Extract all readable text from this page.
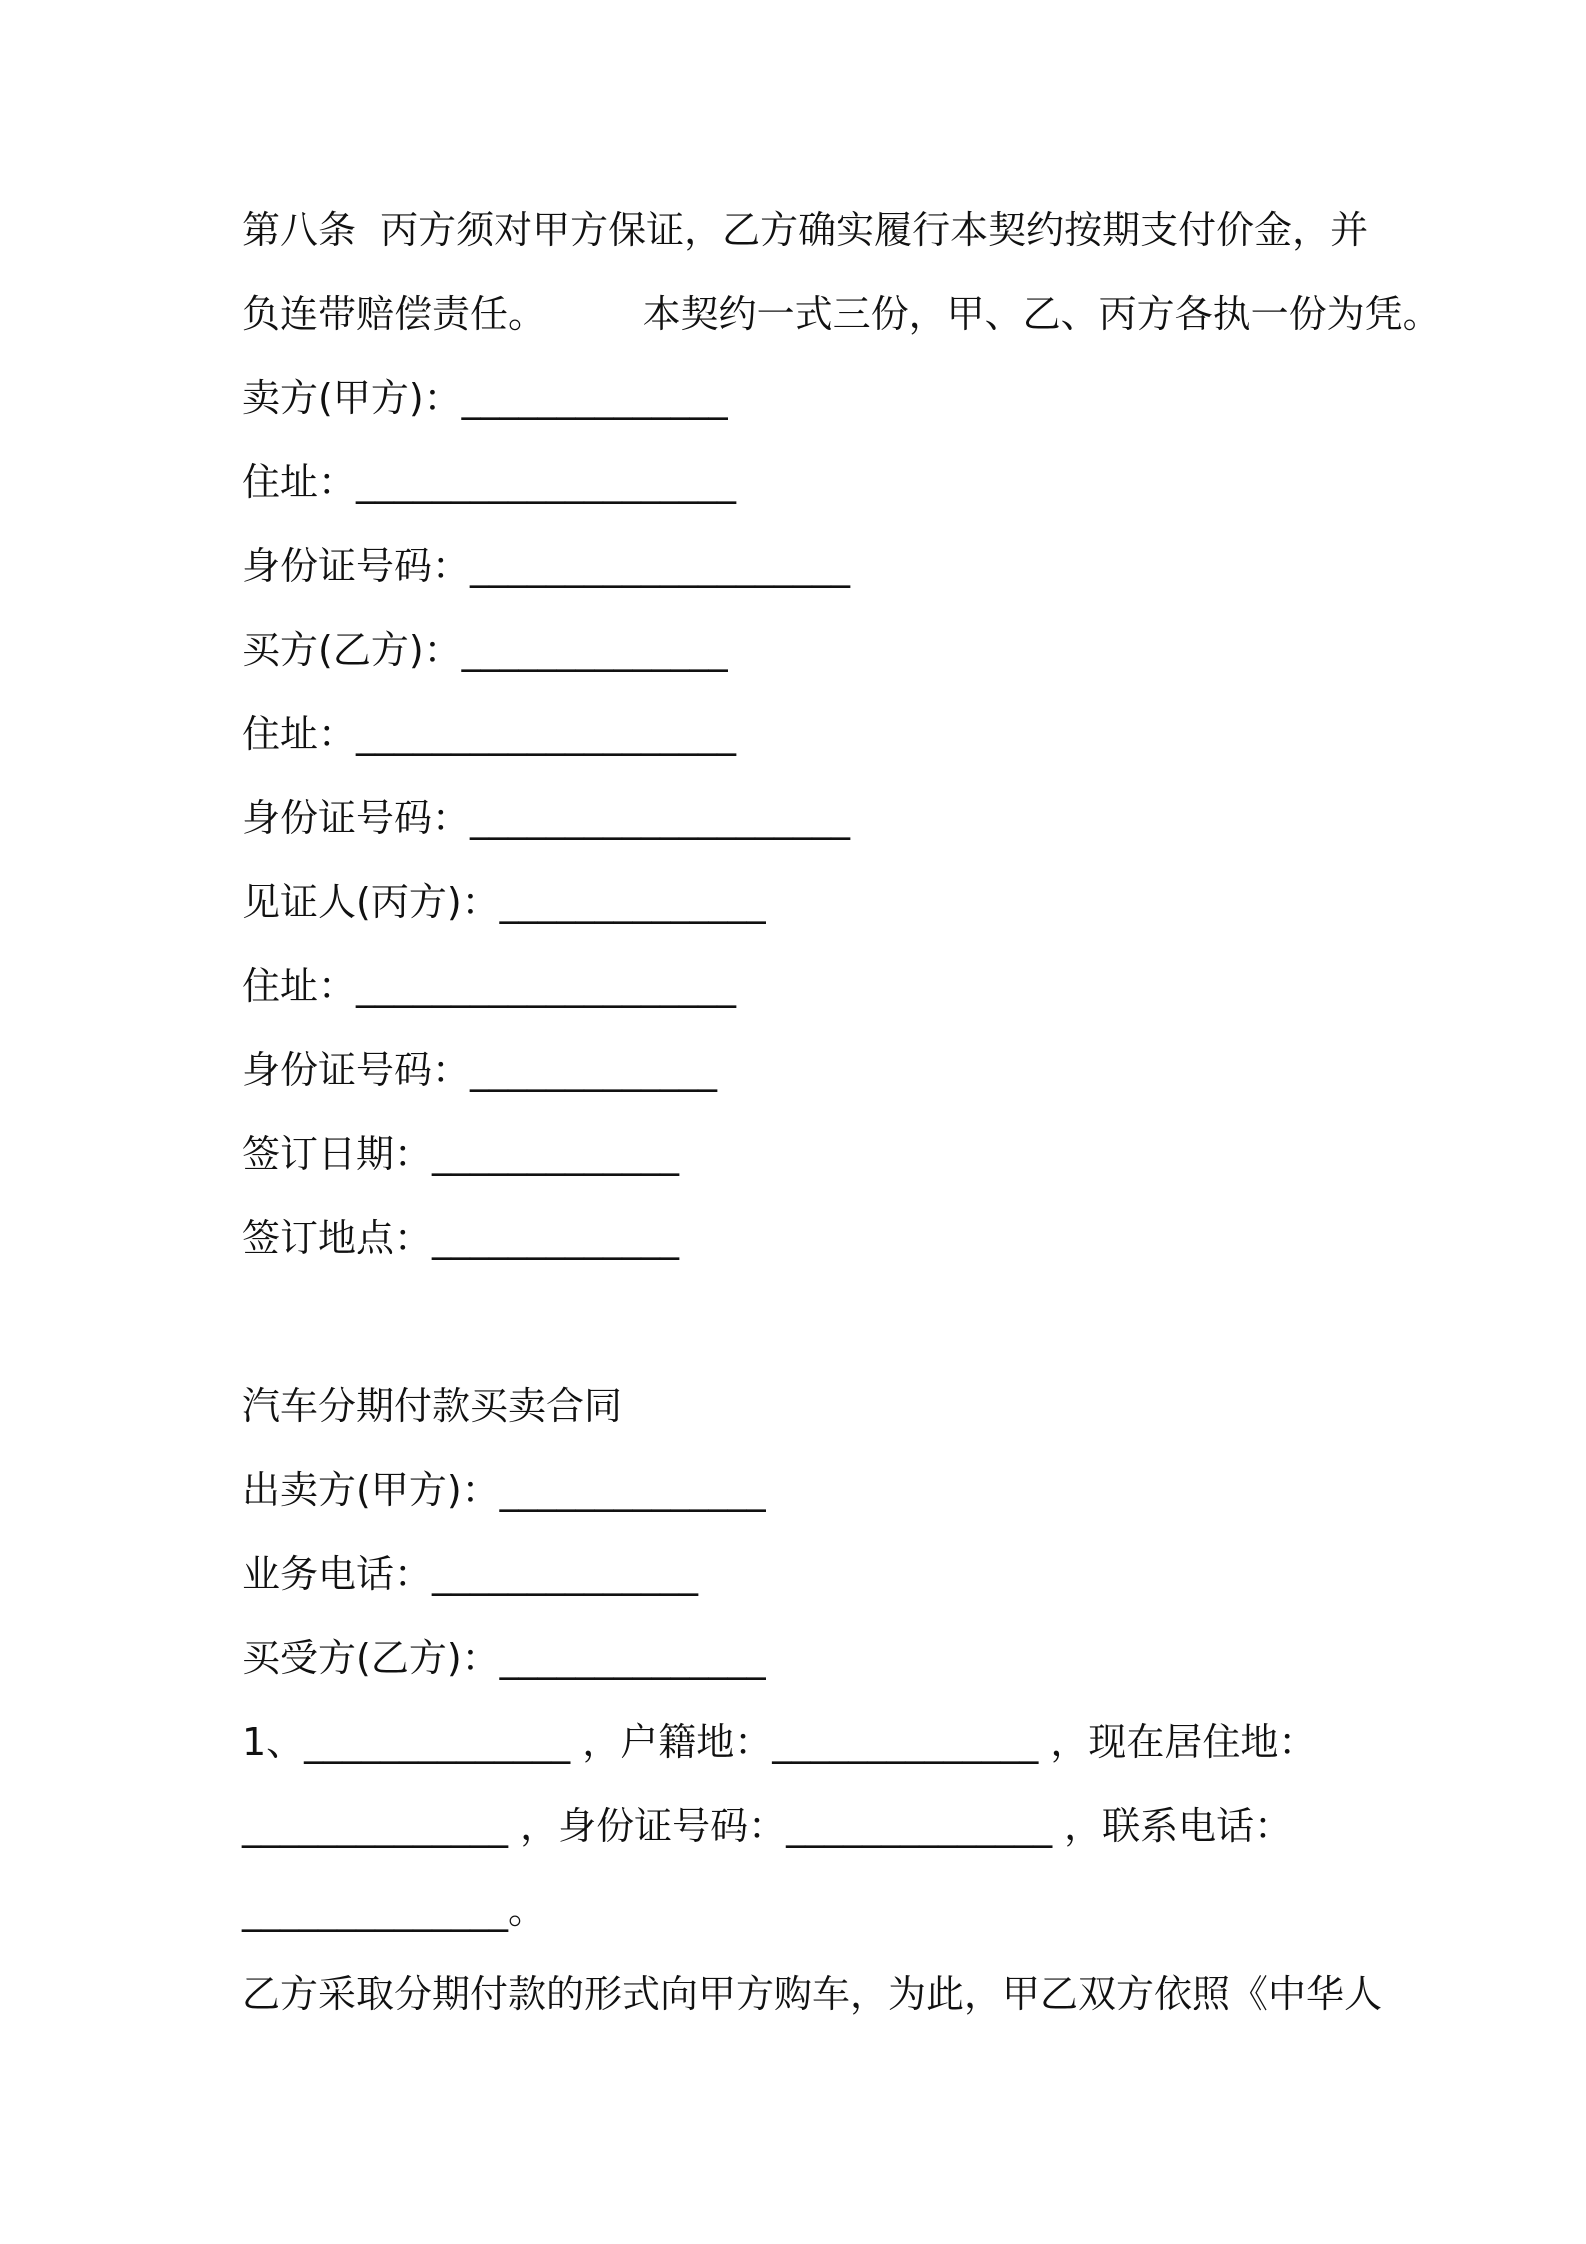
第八条  丙方须对甲方保证，乙方确实履行本契约按期支付价金，并
负连带赔偿责任。        本契约一式三份，甲、乙、丙方各执一份为凭。
卖方(甲方)：______________
住址：____________________
身份证号码：____________________
买方(乙方)：______________
住址：____________________
身份证号码：____________________
见证人(丙方)：______________
住址：____________________
身份证号码：_____________
签订日期：_____________
签订地点：_____________
汽车分期付款买卖合同
出卖方(甲方)：______________
业务电话：______________
买受方(乙方)：______________
1、______________ ，户籍地：______________ ，现在居住地：
______________ ，身份证号码：______________ ，联系电话：
______________。
乙方采取分期付款的形式向甲方购车，为此，甲乙双方依照《中华人
